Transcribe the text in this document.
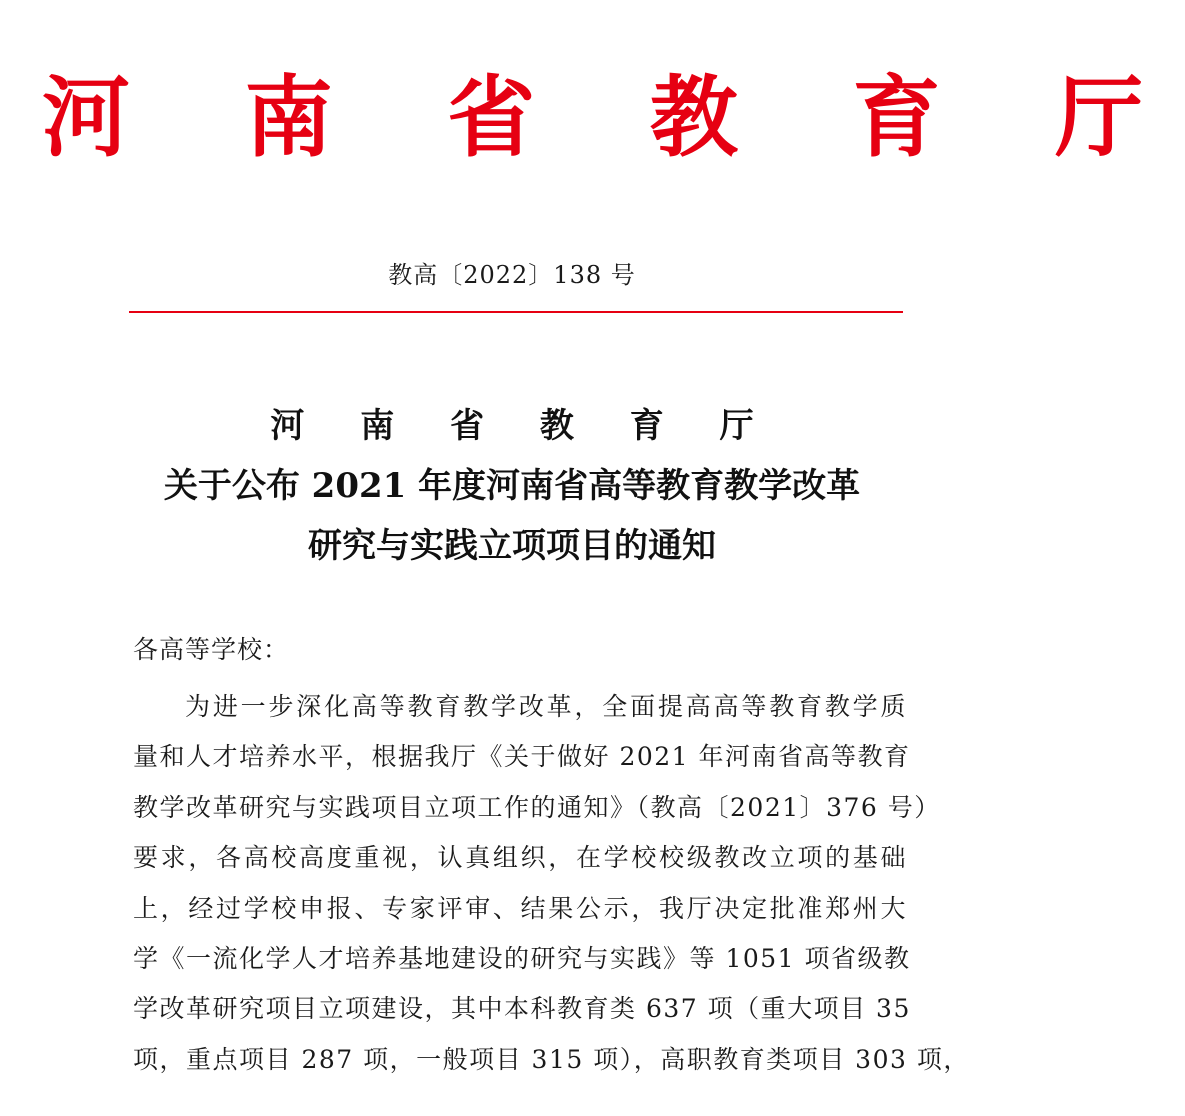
河 南 省 教 育 厅
教高〔2022〕138 号
河 南 省 教 育 厅
关于公布 2021 年度河南省高等教育教学改革
研究与实践立项项目的通知
各高等学校：
为进一步深化高等教育教学改革，全面提高高等教育教学质
量和人才培养水平，根据我厅《关于做好 2021 年河南省高等教育
教学改革研究与实践项目立项工作的通知》（教高〔2021〕376 号）
要求，各高校高度重视，认真组织，在学校校级教改立项的基础
上，经过学校申报、专家评审、结果公示，我厅决定批准郑州大
学《一流化学人才培养基地建设的研究与实践》等 1051 项省级教
学改革研究项目立项建设，其中本科教育类 637 项（重大项目 35
项，重点项目 287 项，一般项目 315 项），高职教育类项目 303 项，
